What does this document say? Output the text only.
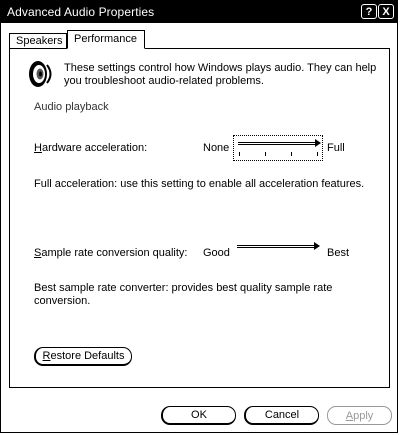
Advanced Audio Properties	? X
Speakers	Performance
These settings control how Windows plays audio. They can help you troubleshoot audio-related problems.
Audio playback
Hardware acceleration:	None	Full
Full acceleration: use this setting to enable all acceleration features.
Sample rate conversion quality: Good	Best
Best sample rate converter: provides best quality sample rate conversion.
R estore Defaults
OK	Cancel	A pply
